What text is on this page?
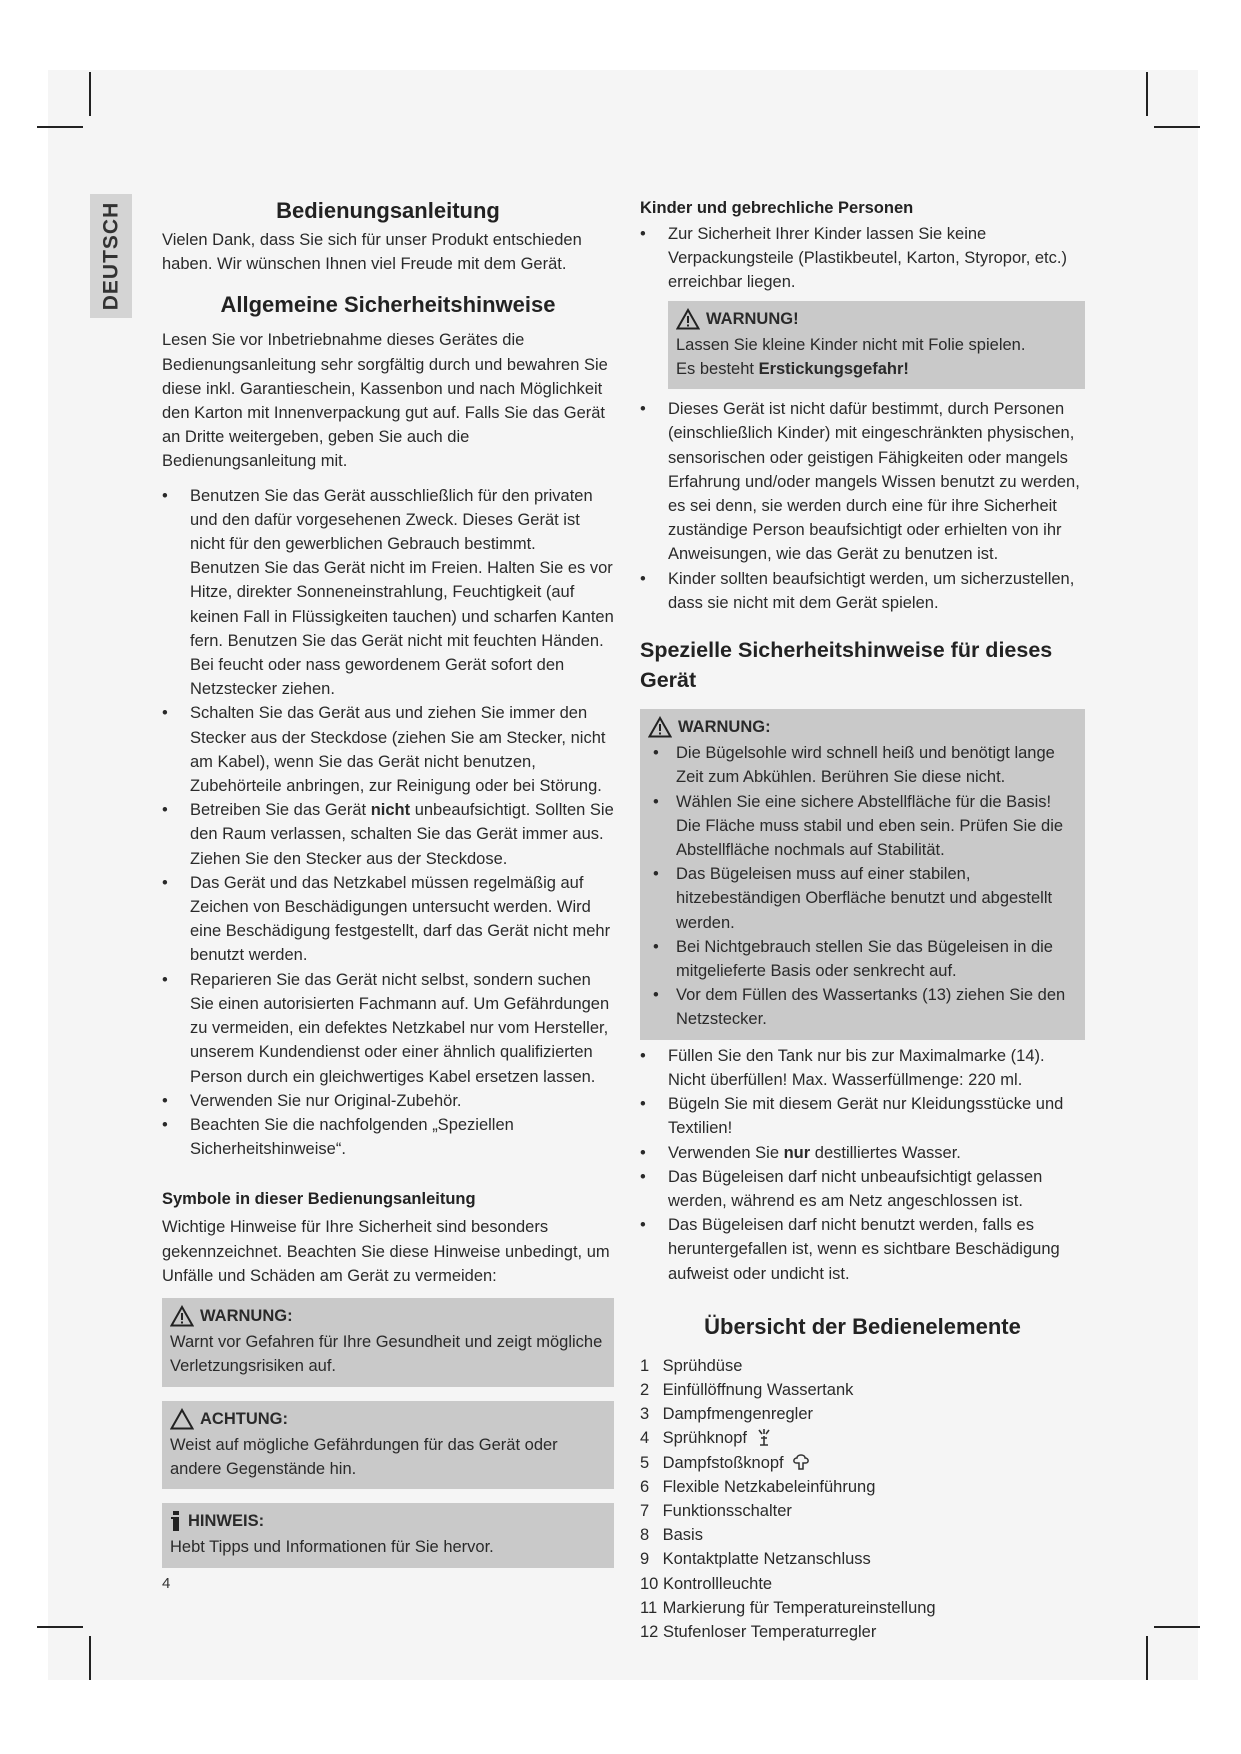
DEUTSCH	Bedienungsanleitung

Vielen Dank, dass Sie sich für unser Produkt entschieden haben. Wir wünschen Ihnen viel Freude mit dem Gerät.

Allgemeine Sicherheitshinweise

Lesen Sie vor Inbetriebnahme dieses Gerätes die Bedienungsanleitung sehr sorgfältig durch und bewahren Sie diese inkl. Garantieschein, Kassenbon und nach Möglichkeit den Karton mit Innenverpackung gut auf. Falls Sie das Gerät an Dritte weitergeben, geben Sie auch die Bedienungsanleitung mit.

• Benutzen Sie das Gerät ausschließlich für den privaten und den dafür vorgesehenen Zweck. Dieses Gerät ist nicht für den gewerblichen Gebrauch bestimmt.
Benutzen Sie das Gerät nicht im Freien. Halten Sie es vor Hitze, direkter Sonneneinstrahlung, Feuchtigkeit (auf keinen Fall in Flüssigkeiten tauchen) und scharfen Kanten fern. Benutzen Sie das Gerät nicht mit feuchten Händen. Bei feucht oder nass gewordenem Gerät sofort den Netzstecker ziehen.
• Schalten Sie das Gerät aus und ziehen Sie immer den Stecker aus der Steckdose (ziehen Sie am Stecker, nicht am Kabel), wenn Sie das Gerät nicht benutzen, Zubehörteile anbringen, zur Reinigung oder bei Störung.
• Betreiben Sie das Gerät nicht unbeaufsichtigt. Sollten Sie den Raum verlassen, schalten Sie das Gerät immer aus. Ziehen Sie den Stecker aus der Steckdose.
• Das Gerät und das Netzkabel müssen regelmäßig auf Zeichen von Beschädigungen untersucht werden. Wird eine Beschädigung festgestellt, darf das Gerät nicht mehr benutzt werden.
• Reparieren Sie das Gerät nicht selbst, sondern suchen Sie einen autorisierten Fachmann auf. Um Gefährdungen zu vermeiden, ein defektes Netzkabel nur vom Hersteller, unserem Kundendienst oder einer ähnlich qualifizierten Person durch ein gleichwertiges Kabel ersetzen lassen.
• Verwenden Sie nur Original-Zubehör.
• Beachten Sie die nachfolgenden „Speziellen Sicherheitshinweise“.
Symbole in dieser Bedienungsanleitung

Wichtige Hinweise für Ihre Sicherheit sind besonders gekennzeichnet. Beachten Sie diese Hinweise unbedingt, um Unfälle und Schäden am Gerät zu vermeiden:

WARNUNG:

Warnt vor Gefahren für Ihre Gesundheit und zeigt mögliche Verletzungsrisiken auf.

ACHTUNG:

Weist auf mögliche Gefährdungen für das Gerät oder andere Gegenstände hin.

HINWEIS:

Hebt Tipps und Informationen für Sie hervor.

Kinder und gebrechliche Personen
• Zur Sicherheit Ihrer Kinder lassen Sie keine Verpackungsteile (Plastikbeutel, Karton, Styropor, etc.) erreichbar liegen.
WARNUNG!

Lassen Sie kleine Kinder nicht mit Folie spielen.

Es besteht Erstickungsgefahr!

• Dieses Gerät ist nicht dafür bestimmt, durch Personen (einschließlich Kinder) mit eingeschränkten physischen, sensorischen oder geistigen Fähigkeiten oder mangels Erfahrung und/oder mangels Wissen benutzt zu werden, es sei denn, sie werden durch eine für ihre Sicherheit zuständige Person beaufsichtigt oder erhielten von ihr Anweisungen, wie das Gerät zu benutzen ist.
• Kinder sollten beaufsichtigt werden, um sicherzustellen, dass sie nicht mit dem Gerät spielen.
Spezielle Sicherheitshinweise für dieses Gerät
WARNUNG:
• Die Bügelsohle wird schnell heiß und benötigt lange Zeit zum Abkühlen. Berühren Sie diese nicht.
• Wählen Sie eine sichere Abstellfläche für die Basis! Die Fläche muss stabil und eben sein. Prüfen Sie die Abstellfläche nochmals auf Stabilität.
• Das Bügeleisen muss auf einer stabilen, hitzebeständigen Oberfläche benutzt und abgestellt werden.
• Bei Nichtgebrauch stellen Sie das Bügeleisen in die mitgelieferte Basis oder senkrecht auf.
• Vor dem Füllen des Wassertanks (13) ziehen Sie den Netzstecker.
• Füllen Sie den Tank nur bis zur Maximalmarke (14). Nicht überfüllen! Max. Wasserfüllmenge: 220 ml.
• Bügeln Sie mit diesem Gerät nur Kleidungsstücke und Textilien!
• Verwenden Sie nur destilliertes Wasser.
• Das Bügeleisen darf nicht unbeaufsichtigt gelassen werden, während es am Netz angeschlossen ist.
• Das Bügeleisen darf nicht benutzt werden, falls es heruntergefallen ist, wenn es sichtbare Beschädigung aufweist oder undicht ist.
Übersicht der Bedienelemente
1 Sprühdüse
2 Einfüllöffnung Wassertank
3 Dampfmengenregler
4 Sprühknopf
5 Dampfstoßknopf
6 Flexible Netzkabeleinführung
7 Funktionsschalter
8 Basis
9 Kontaktplatte Netzanschluss
10 Kontrollleuchte
11 Markierung für Temperatureinstellung
12 Stufenloser Temperaturregler
4
